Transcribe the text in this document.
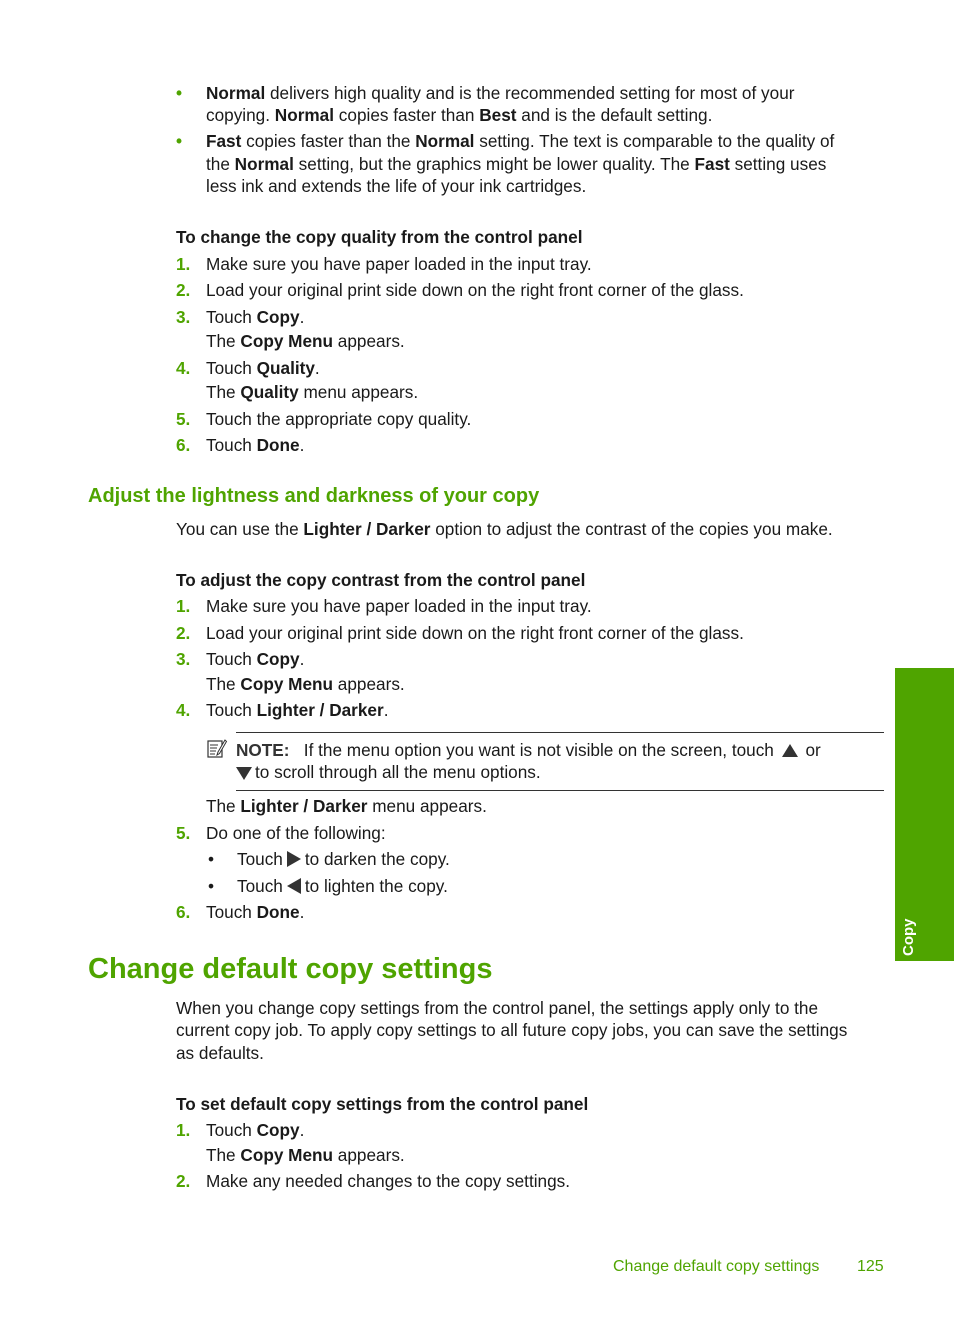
• Normal delivers high quality and is the recommended setting for most of your
copying. Normal copies faster than Best and is the default setting.
• Fast copies faster than the Normal setting. The text is comparable to the quality of
the Normal setting, but the graphics might be lower quality. The Fast setting uses
less ink and extends the life of your ink cartridges.
To change the copy quality from the control panel
1. Make sure you have paper loaded in the input tray.
2. Load your original print side down on the right front corner of the glass.
3. Touch Copy.
The Copy Menu appears.
4. Touch Quality.
The Quality menu appears.
5. Touch the appropriate copy quality.
6. Touch Done.
Adjust the lightness and darkness of your copy
You can use the Lighter / Darker option to adjust the contrast of the copies you make.
To adjust the copy contrast from the control panel
1. Make sure you have paper loaded in the input tray.
2. Load your original print side down on the right front corner of the glass.
3. Touch Copy.
The Copy Menu appears.
4. Touch Lighter / Darker.
NOTE: If the menu option you want is not visible on the screen, touch or
to scroll through all the menu options.
The Lighter / Darker menu appears.
5. Do one of the following:
• Touch to darken the copy.
• Touch to lighten the copy.
6. Touch Done.
Change default copy settings
When you change copy settings from the control panel, the settings apply only to the
current copy job. To apply copy settings to all future copy jobs, you can save the settings
as defaults.
To set default copy settings from the control panel
1. Touch Copy.
The Copy Menu appears.
2. Make any needed changes to the copy settings.
Copy
Change default copy settings 125
